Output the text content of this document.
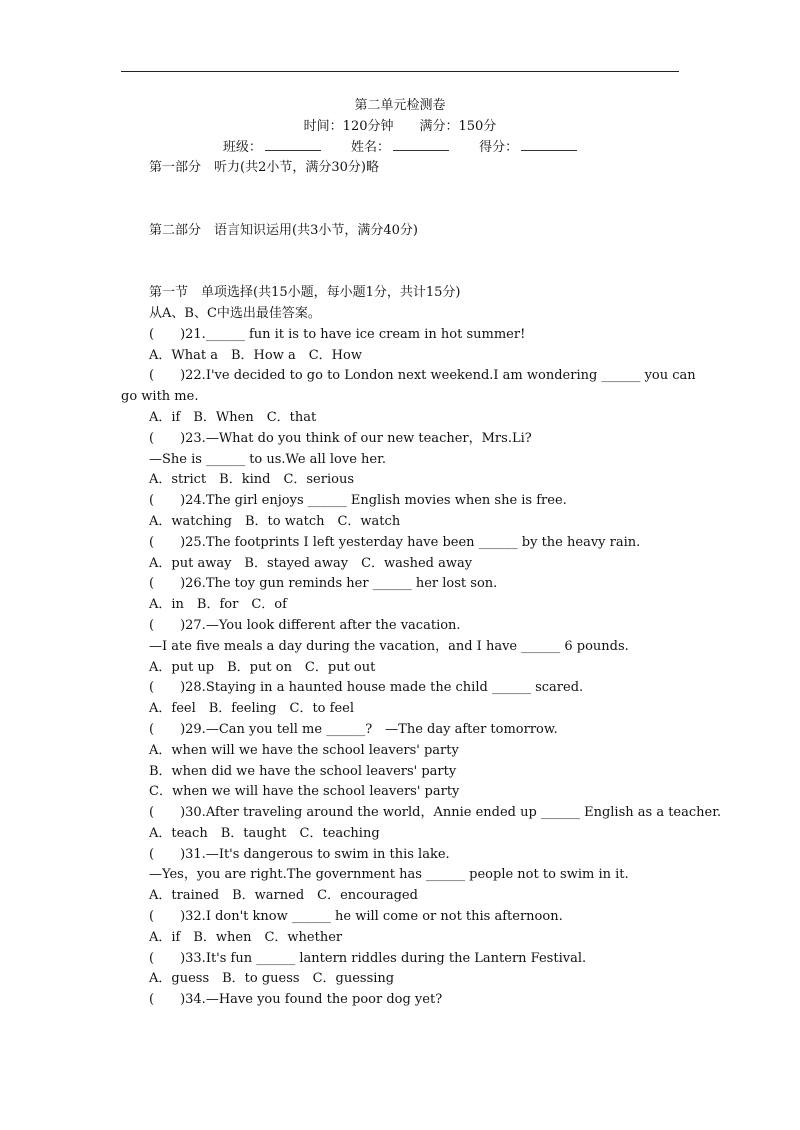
第二单元检测卷
时间：120分钟　　满分：150分
班级：	姓名：	得分：
第一部分　听力(共2小节，满分30分)略
第二部分　语言知识运用(共3小节，满分40分)
第一节　单项选择(共15小题，每小题1分，共计15分)
从A、B、C中选出最佳答案。
(　　)21.______ fun it is to have ice cream in hot summer!
A．What a　B．How a　C．How
(　　)22.I've decided to go to London next weekend.I am wondering ______ you can
go with me.
A．if　B．When　C．that
(　　)23.—What do you think of our new teacher，Mrs.Li?
—She is ______ to us.We all love her.
A．strict　B．kind　C．serious
(　　)24.The girl enjoys ______ English movies when she is free.
A．watching　B．to watch　C．watch
(　　)25.The footprints I left yesterday have been ______ by the heavy rain.
A．put away　B．stayed away　C．washed away
(　　)26.The toy gun reminds her ______ her lost son.
A．in　B．for　C．of
(　　)27.—You look different after the vacation.
—I ate five meals a day during the vacation，and I have ______ 6 pounds.
A．put up　B．put on　C．put out
(　　)28.Staying in a haunted house made the child ______ scared.
A．feel　B．feeling　C．to feel
(　　)29.—Can you tell me ______?　—The day after tomorrow.
A．when will we have the school leavers' party
B．when did we have the school leavers' party
C．when we will have the school leavers' party
(　　)30.After traveling around the world，Annie ended up ______ English as a teacher.
A．teach　B．taught　C．teaching
(　　)31.—It's dangerous to swim in this lake.
—Yes，you are right.The government has ______ people not to swim in it.
A．trained　B．warned　C．encouraged
(　　)32.I don't know ______ he will come or not this afternoon.
A．if　B．when　C．whether
(　　)33.It's fun ______ lantern riddles during the Lantern Festival.
A．guess　B．to guess　C．guessing
(　　)34.—Have you found the poor dog yet?
